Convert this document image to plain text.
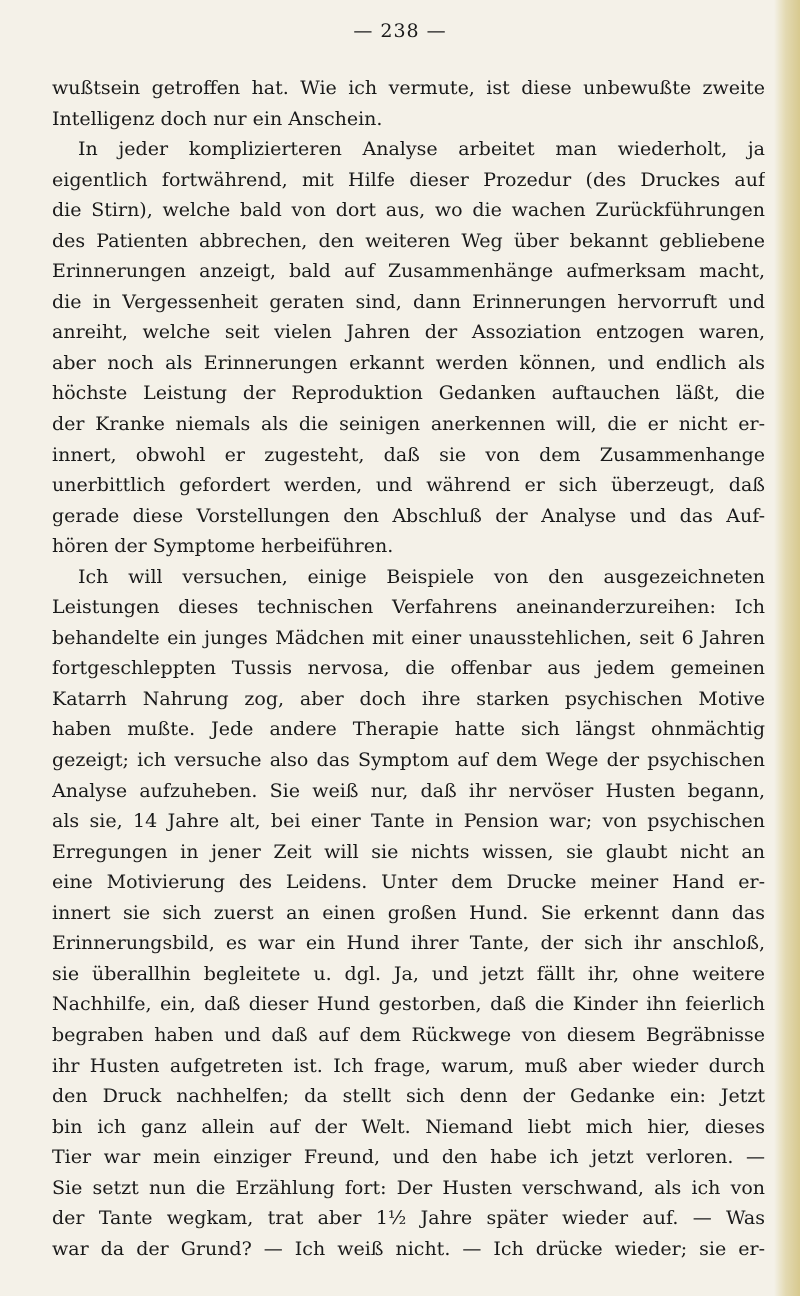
— 238 —
wußtsein getroffen hat. Wie ich vermute, ist diese unbewußte zweite
Intelligenz doch nur ein Anschein.
In jeder komplizierteren Analyse arbeitet man wiederholt, ja
eigentlich fortwährend, mit Hilfe dieser Prozedur (des Druckes auf
die Stirn), welche bald von dort aus, wo die wachen Zurückführungen
des Patienten abbrechen, den weiteren Weg über bekannt gebliebene
Erinnerungen anzeigt, bald auf Zusammenhänge aufmerksam macht,
die in Vergessenheit geraten sind, dann Erinnerungen hervorruft und
anreiht, welche seit vielen Jahren der Assoziation entzogen waren,
aber noch als Erinnerungen erkannt werden können, und endlich als
höchste Leistung der Reproduktion Gedanken auftauchen läßt, die
der Kranke niemals als die seinigen anerkennen will, die er nicht er-
innert, obwohl er zugesteht, daß sie von dem Zusammenhange
unerbittlich gefordert werden, und während er sich überzeugt, daß
gerade diese Vorstellungen den Abschluß der Analyse und das Auf-
hören der Symptome herbeiführen.
Ich will versuchen, einige Beispiele von den ausgezeichneten
Leistungen dieses technischen Verfahrens aneinanderzureihen: Ich
behandelte ein junges Mädchen mit einer unausstehlichen, seit 6 Jahren
fortgeschleppten Tussis nervosa, die offenbar aus jedem gemeinen
Katarrh Nahrung zog, aber doch ihre starken psychischen Motive
haben mußte. Jede andere Therapie hatte sich längst ohnmächtig
gezeigt; ich versuche also das Symptom auf dem Wege der psychischen
Analyse aufzuheben. Sie weiß nur, daß ihr nervöser Husten begann,
als sie, 14 Jahre alt, bei einer Tante in Pension war; von psychischen
Erregungen in jener Zeit will sie nichts wissen, sie glaubt nicht an
eine Motivierung des Leidens. Unter dem Drucke meiner Hand er-
innert sie sich zuerst an einen großen Hund. Sie erkennt dann das
Erinnerungsbild, es war ein Hund ihrer Tante, der sich ihr anschloß,
sie überallhin begleitete u. dgl. Ja, und jetzt fällt ihr, ohne weitere
Nachhilfe, ein, daß dieser Hund gestorben, daß die Kinder ihn feierlich
begraben haben und daß auf dem Rückwege von diesem Begräbnisse
ihr Husten aufgetreten ist. Ich frage, warum, muß aber wieder durch
den Druck nachhelfen; da stellt sich denn der Gedanke ein: Jetzt
bin ich ganz allein auf der Welt. Niemand liebt mich hier, dieses
Tier war mein einziger Freund, und den habe ich jetzt verloren. —
Sie setzt nun die Erzählung fort: Der Husten verschwand, als ich von
der Tante wegkam, trat aber 1½ Jahre später wieder auf. — Was
war da der Grund? — Ich weiß nicht. — Ich drücke wieder; sie er-
